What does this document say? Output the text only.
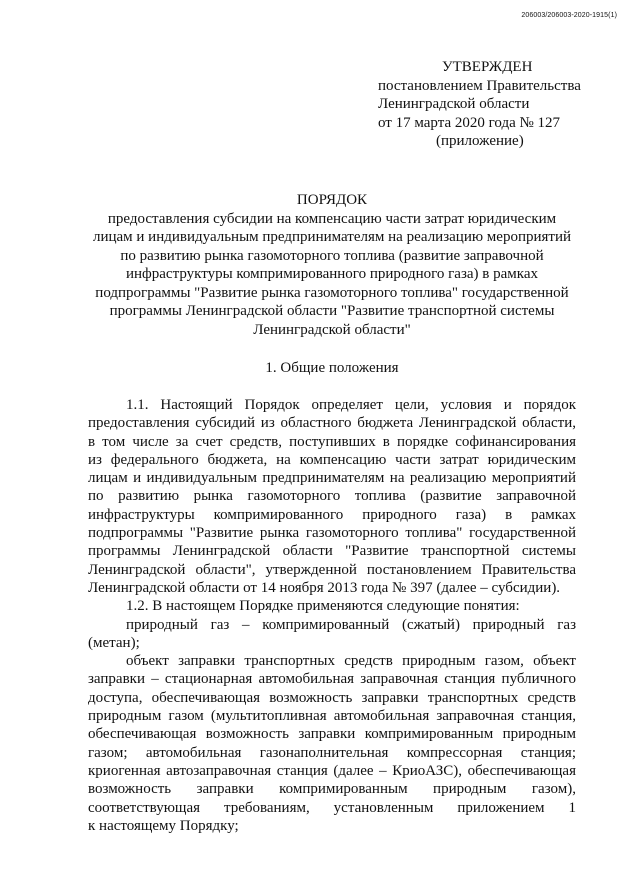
206003/206003-2020-1915(1)
УТВЕРЖДЕН
постановлением Правительства
Ленинградской области
от 17 марта 2020 года № 127
(приложение)
ПОРЯДОК
предоставления субсидии на компенсацию части затрат юридическим
лицам и индивидуальным предпринимателям на реализацию мероприятий
по развитию рынка газомоторного топлива (развитие заправочной
инфраструктуры компримированного природного газа) в рамках
подпрограммы "Развитие рынка газомоторного топлива" государственной
программы Ленинградской области "Развитие транспортной системы
Ленинградской области"
1. Общие положения
1.1. Настоящий Порядок определяет цели, условия и порядок
предоставления субсидий из областного бюджета Ленинградской области,
в том числе за счет средств, поступивших в порядке софинансирования
из федерального бюджета, на компенсацию части затрат юридическим
лицам и индивидуальным предпринимателям на реализацию мероприятий
по развитию рынка газомоторного топлива (развитие заправочной
инфраструктуры компримированного природного газа) в рамках
подпрограммы "Развитие рынка газомоторного топлива" государственной
программы Ленинградской области "Развитие транспортной системы
Ленинградской области", утвержденной постановлением Правительства
Ленинградской области от 14 ноября 2013 года № 397 (далее – субсидии).
1.2. В настоящем Порядке применяются следующие понятия:
природный газ – компримированный (сжатый) природный газ
(метан);
объект заправки транспортных средств природным газом, объект
заправки – стационарная автомобильная заправочная станция публичного
доступа, обеспечивающая возможность заправки транспортных средств
природным газом (мультитопливная автомобильная заправочная станция,
обеспечивающая возможность заправки компримированным природным
газом; автомобильная газонаполнительная компрессорная станция;
криогенная автозаправочная станция (далее – КриоАЗС), обеспечивающая
возможность заправки компримированным природным газом),
соответствующая требованиям, установленным приложением 1
к настоящему Порядку;
